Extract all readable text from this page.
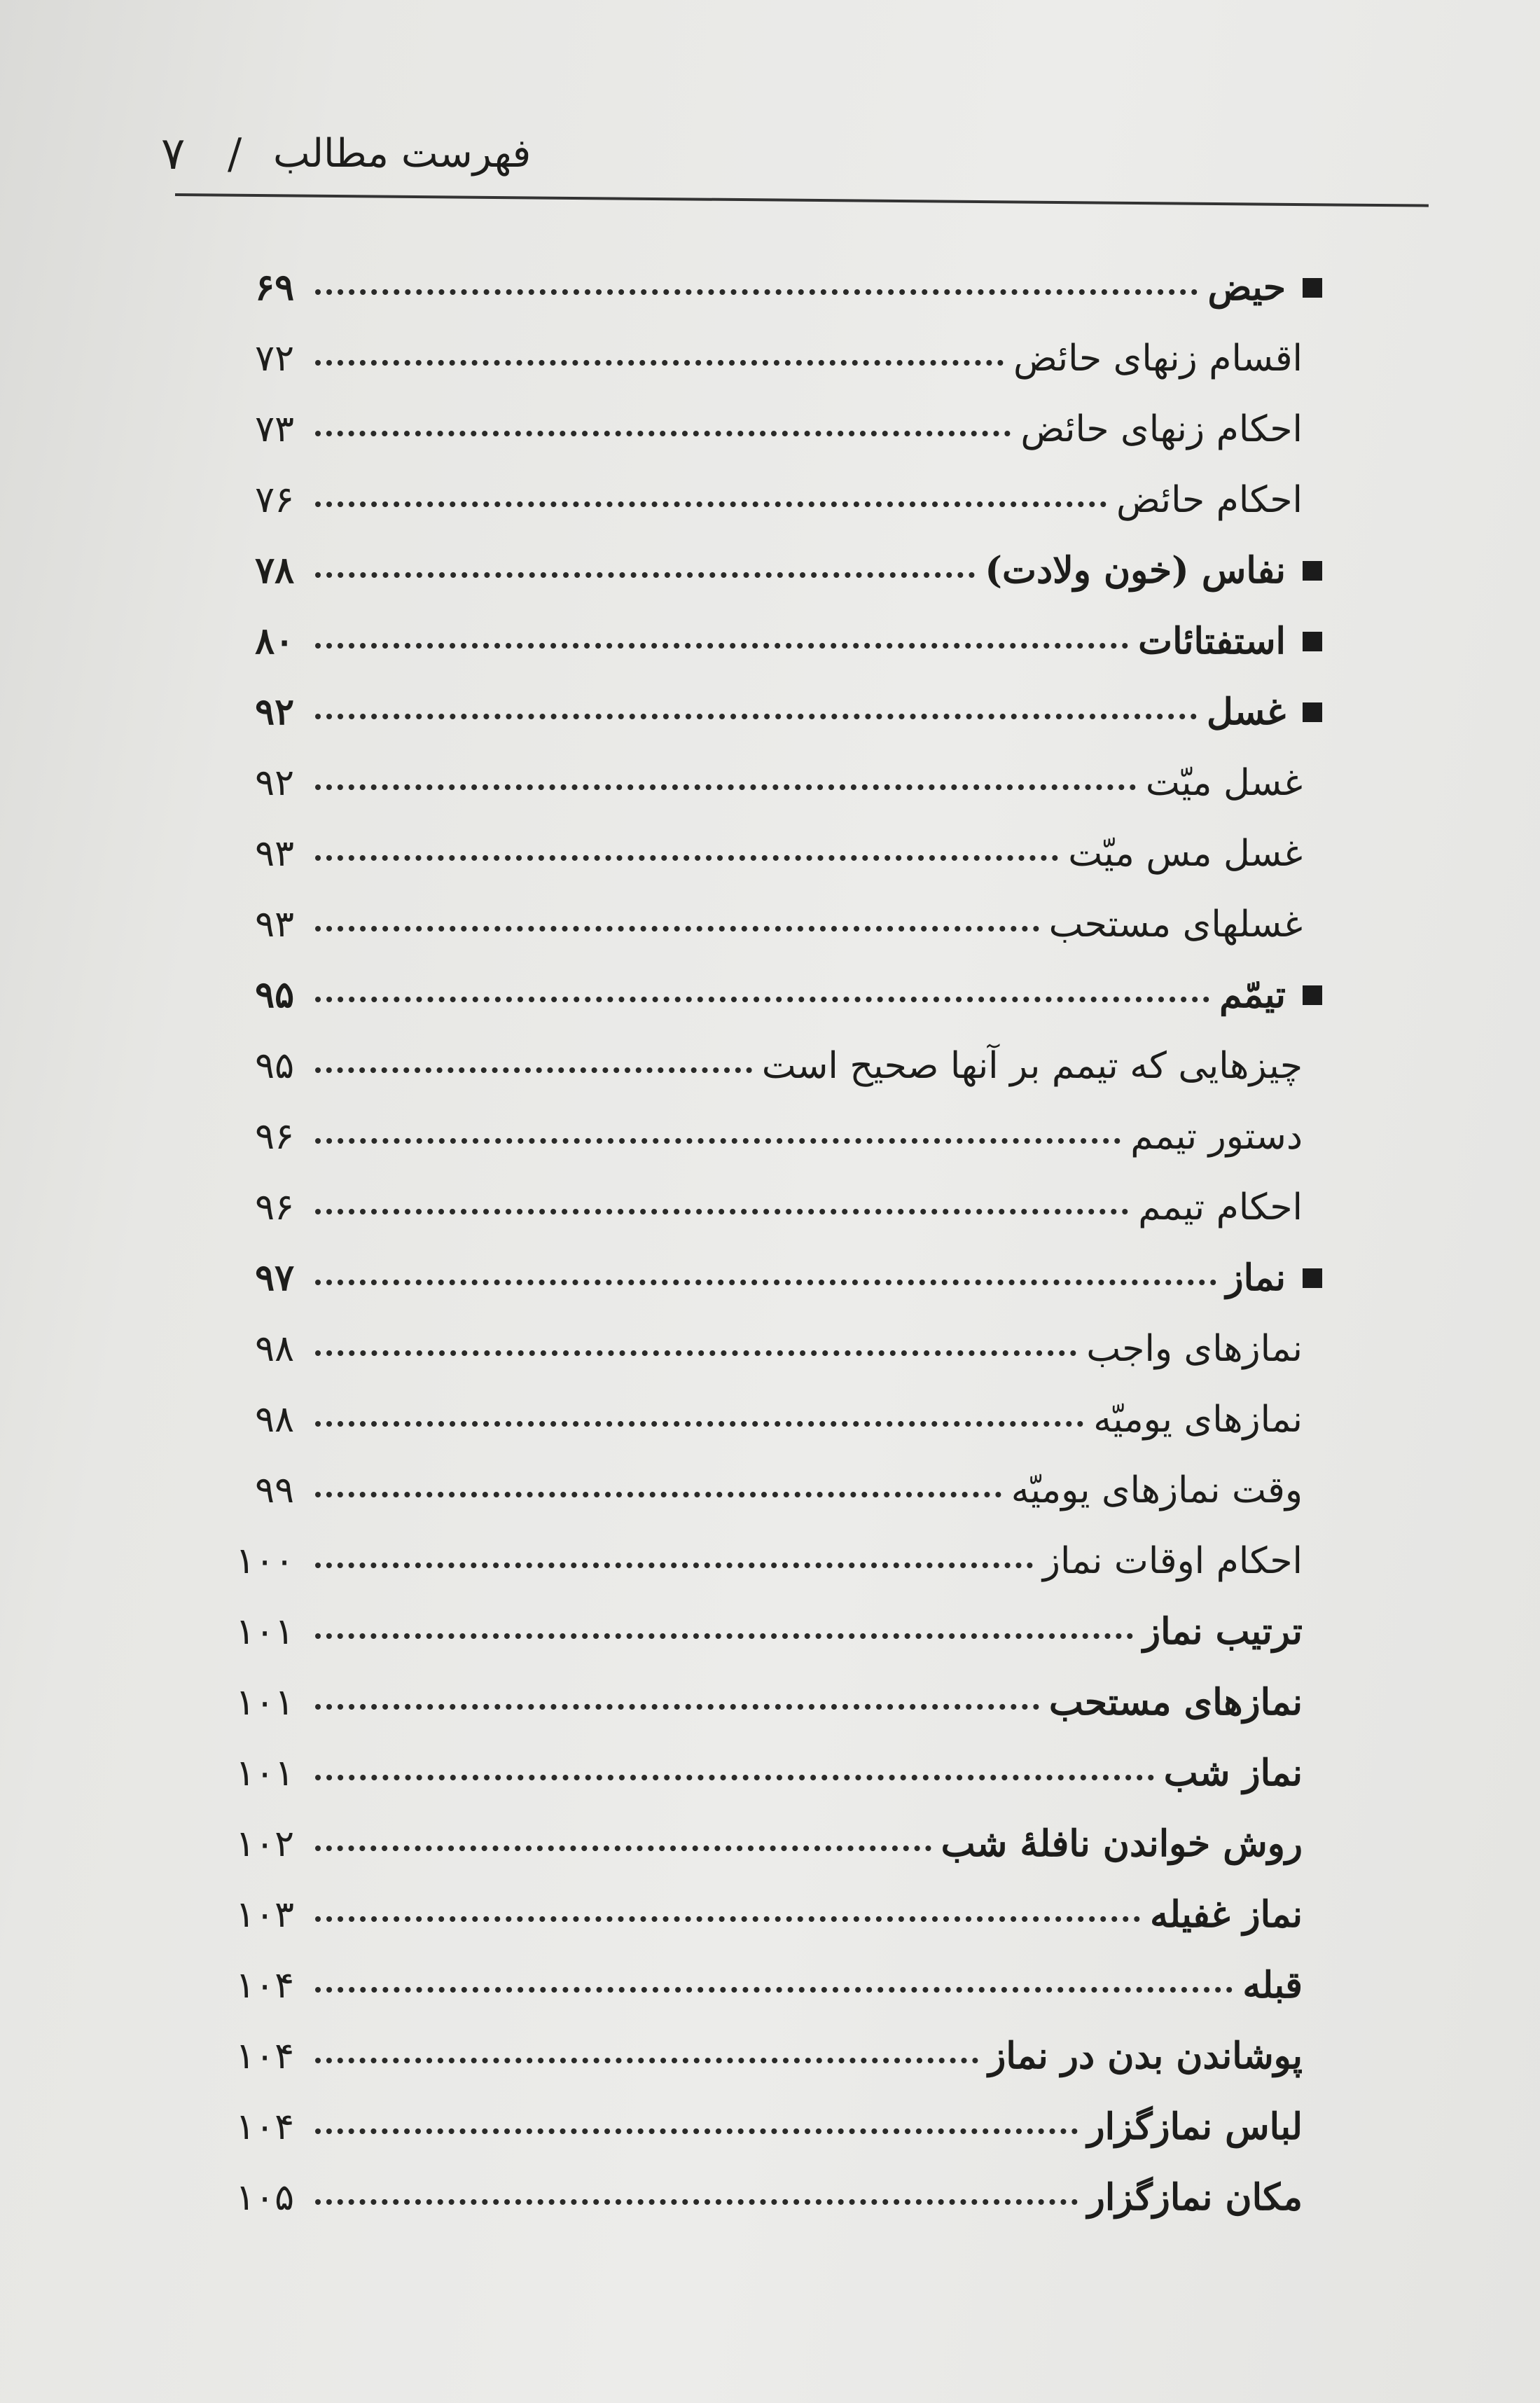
۷ / فهرست مطالب
۶۹	حیض
۷۲	اقسام زنهای حائض
۷۳	احکام زنهای حائض
۷۶	احکام حائض
۷۸	نفاس (خون ولادت)
۸۰	استفتائات
۹۲	غسل
۹۲	غسل میّت
۹۳	غسل مس میّت
۹۳	غسلهای مستحب
۹۵	تیمّم
۹۵	چیزهایی که تیمم بر آنها صحیح است
۹۶	دستور تیمم
۹۶	احکام تیمم
۹۷	نماز
۹۸	نمازهای واجب
۹۸	نمازهای یومیّه
۹۹	وقت نمازهای یومیّه
۱۰۰	احکام اوقات نماز
۱۰۱	ترتیب نماز
۱۰۱	نمازهای مستحب
۱۰۱	نماز شب
۱۰۲	روش خواندن نافلهٔ شب
۱۰۳	نماز غفیله
۱۰۴	قبله
۱۰۴	پوشاندن بدن در نماز
۱۰۴	لباس نمازگزار
۱۰۵	مکان نمازگزار
